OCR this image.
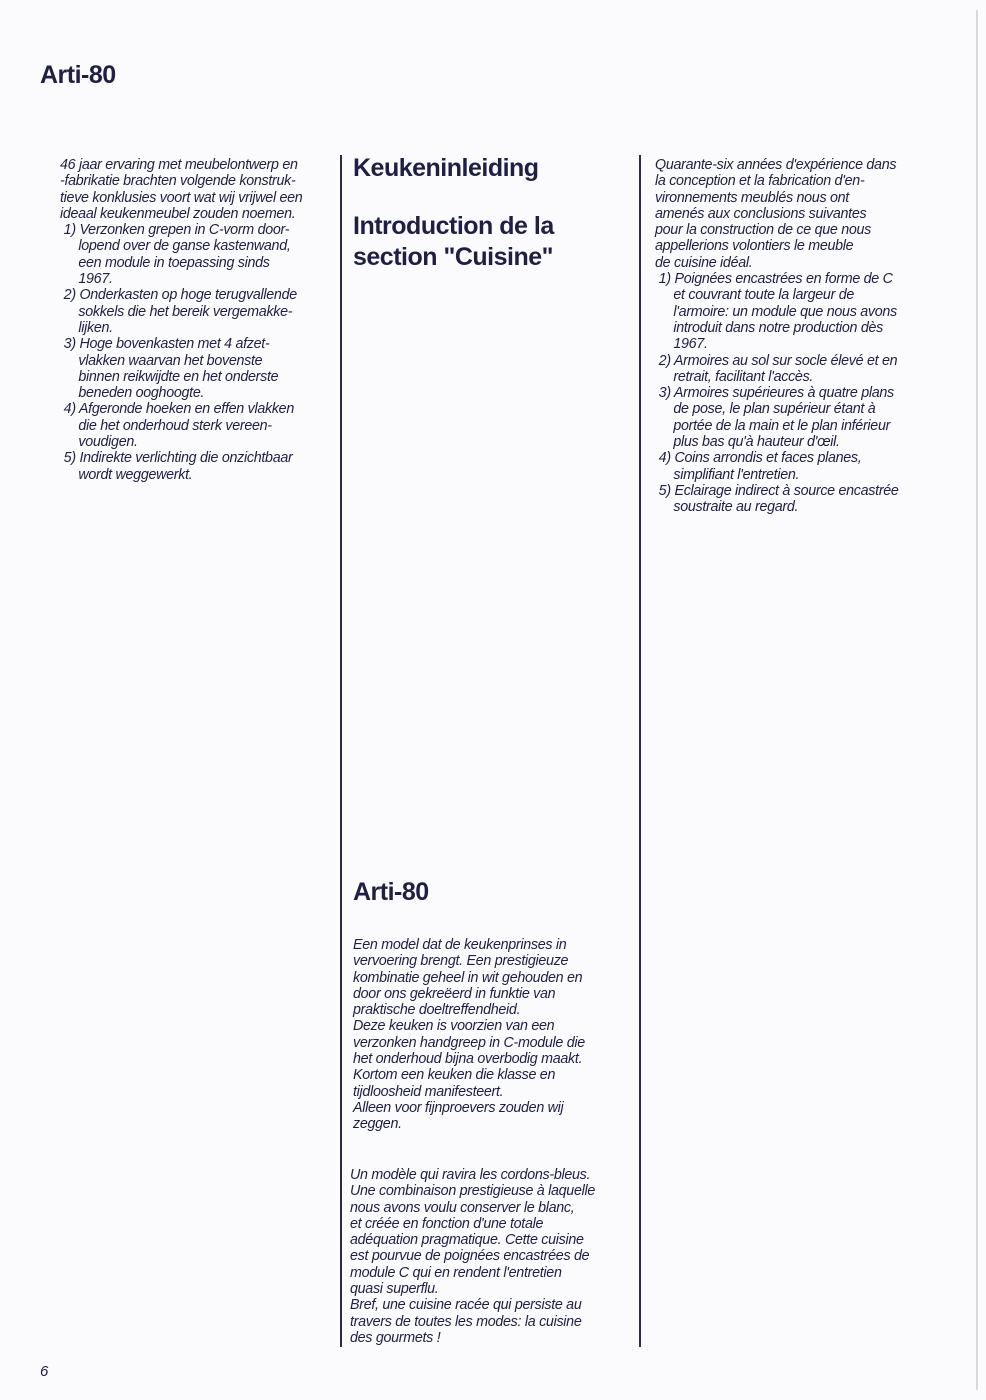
Arti-80

46 jaar ervaring met meubelontwerp en
-fabrikatie brachten volgende konstruk-
tieve konklusies voort wat wij vrijwel een
ideaal keukenmeubel zouden noemen.
1) Verzonken grepen in C-vorm door-
lopend over de ganse kastenwand,
een module in toepassing sinds
1967.
2) Onderkasten op hoge terugvallende
sokkels die het bereik vergemakke-
lijken.
3) Hoge bovenkasten met 4 afzet-
vlakken waarvan het bovenste
binnen reikwijdte en het onderste
beneden ooghoogte.
4) Afgeronde hoeken en effen vlakken
die het onderhoud sterk vereen-
voudigen.
5) Indirekte verlichting die onzichtbaar
wordt weggewerkt.

Keukeninleiding
Introduction de la
section "Cuisine"
Arti-80

Een model dat de keukenprinses in
vervoering brengt. Een prestigieuze
kombinatie geheel in wit gehouden en
door ons gekreëerd in funktie van
praktische doeltreffendheid.
Deze keuken is voorzien van een
verzonken handgreep in C-module die
het onderhoud bijna overbodig maakt.
Kortom een keuken die klasse en
tijdloosheid manifesteert.
Alleen voor fijnproevers zouden wij
zeggen.

Un modèle qui ravira les cordons-bleus.
Une combinaison prestigieuse à laquelle
nous avons voulu conserver le blanc,
et créée en fonction d'une totale
adéquation pragmatique. Cette cuisine
est pourvue de poignées encastrées de
module C qui en rendent l'entretien
quasi superflu.
Bref, une cuisine racée qui persiste au
travers de toutes les modes: la cuisine
des gourmets !

Quarante-six années d'expérience dans
la conception et la fabrication d'en-
vironnements meublés nous ont
amenés aux conclusions suivantes
pour la construction de ce que nous
appellerions volontiers le meuble
de cuisine idéal.
1) Poignées encastrées en forme de C
et couvrant toute la largeur de
l'armoire: un module que nous avons
introduit dans notre production dès
1967.
2) Armoires au sol sur socle élevé et en
retrait, facilitant l'accès.
3) Armoires supérieures à quatre plans
de pose, le plan supérieur étant à
portée de la main et le plan inférieur
plus bas qu'à hauteur d'œil.
4) Coins arrondis et faces planes,
simplifiant l'entretien.
5) Eclairage indirect à source encastrée
soustraite au regard.

6
